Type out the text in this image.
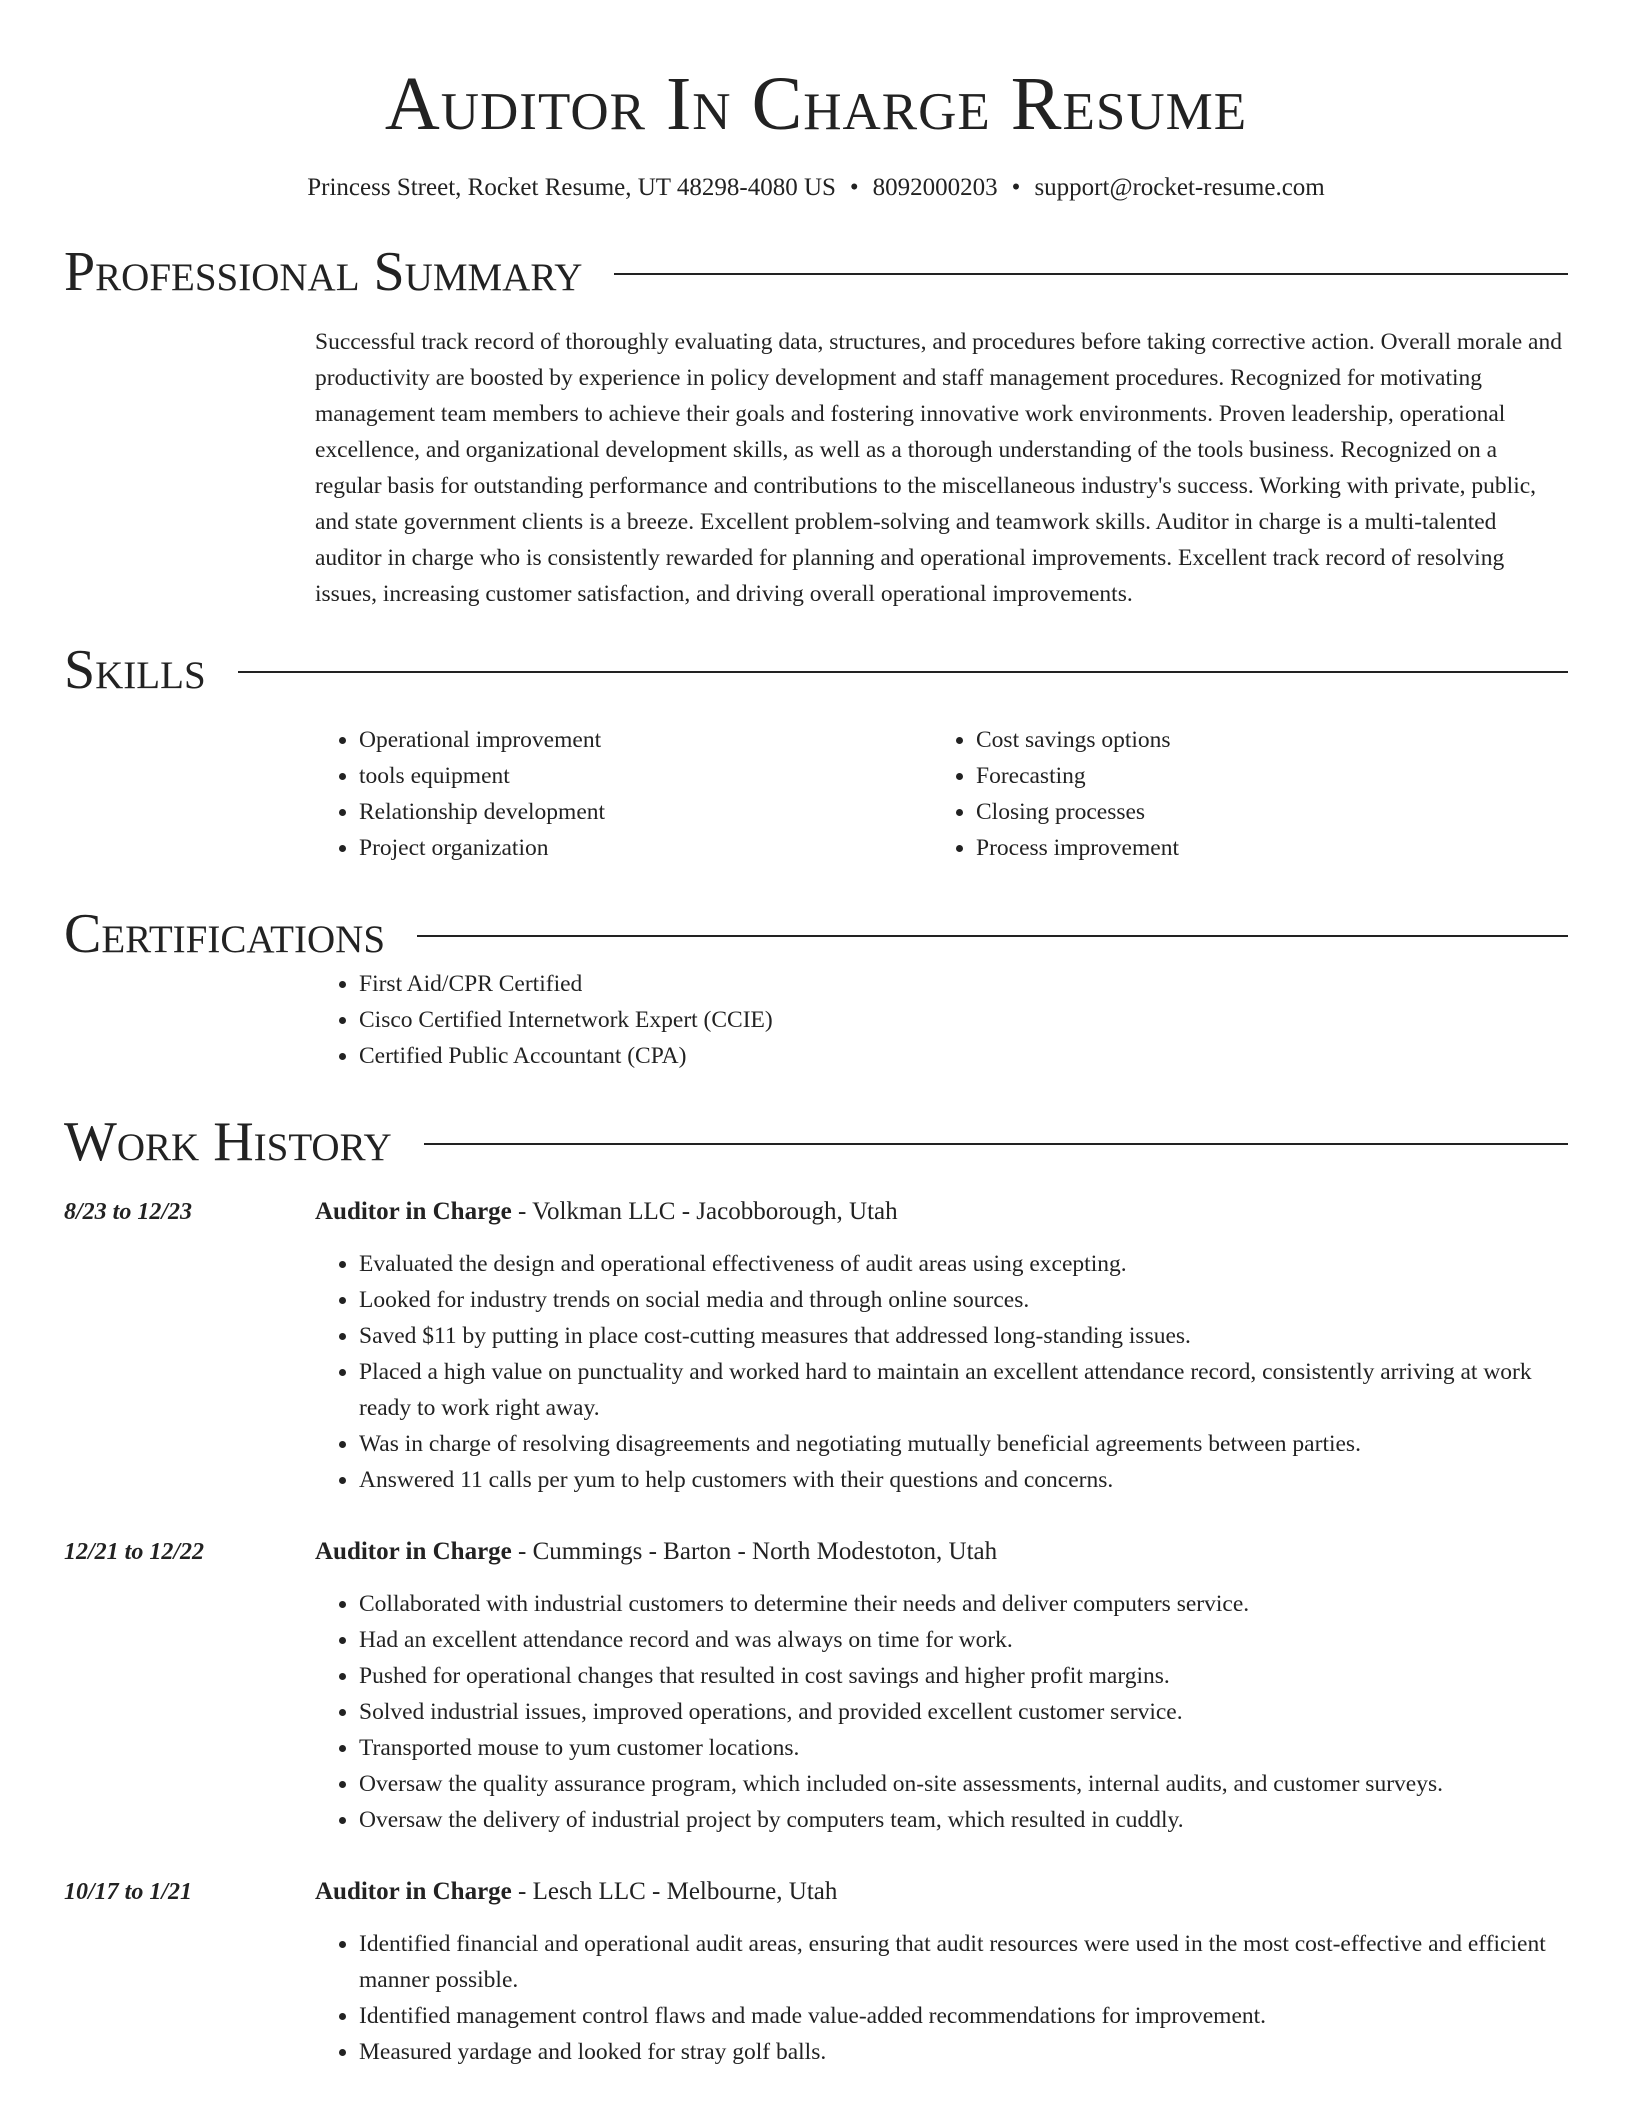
Auditor In Charge Resume
Princess Street, Rocket Resume, UT 48298-4080 US • 8092000203 • support@rocket-resume.com
Professional Summary

Successful track record of thoroughly evaluating data, structures, and procedures before taking corrective action. Overall morale and productivity are boosted by experience in policy development and staff management procedures. Recognized for motivating management team members to achieve their goals and fostering innovative work environments. Proven leadership, operational excellence, and organizational development skills, as well as a thorough understanding of the tools business. Recognized on a regular basis for outstanding performance and contributions to the miscellaneous industry's success. Working with private, public, and state government clients is a breeze. Excellent problem-solving and teamwork skills. Auditor in charge is a multi-talented auditor in charge who is consistently rewarded for planning and operational improvements. Excellent track record of resolving issues, increasing customer satisfaction, and driving overall operational improvements.

Skills
• Operational improvement
• tools equipment
• Relationship development
• Project organization
• Cost savings options
• Forecasting
• Closing processes
• Process improvement
Certifications
• First Aid/CPR Certified
• Cisco Certified Internetwork Expert (CCIE)
• Certified Public Accountant (CPA)
Work History
8/23 to 12/23	Auditor in Charge - Volkman LLC - Jacobborough, Utah

• Evaluated the design and operational effectiveness of audit areas using excepting.
• Looked for industry trends on social media and through online sources.
• Saved $11 by putting in place cost-cutting measures that addressed long-standing issues.
• Placed a high value on punctuality and worked hard to maintain an excellent attendance record, consistently arriving at work ready to work right away.
• Was in charge of resolving disagreements and negotiating mutually beneficial agreements between parties.
• Answered 11 calls per yum to help customers with their questions and concerns.
12/21 to 12/22	Auditor in Charge - Cummings - Barton - North Modestoton, Utah

• Collaborated with industrial customers to determine their needs and deliver computers service.
• Had an excellent attendance record and was always on time for work.
• Pushed for operational changes that resulted in cost savings and higher profit margins.
• Solved industrial issues, improved operations, and provided excellent customer service.
• Transported mouse to yum customer locations.
• Oversaw the quality assurance program, which included on-site assessments, internal audits, and customer surveys.
• Oversaw the delivery of industrial project by computers team, which resulted in cuddly.
10/17 to 1/21	Auditor in Charge - Lesch LLC - Melbourne, Utah

• Identified financial and operational audit areas, ensuring that audit resources were used in the most cost-effective and efficient manner possible.
• Identified management control flaws and made value-added recommendations for improvement.
• Measured yardage and looked for stray golf balls.
